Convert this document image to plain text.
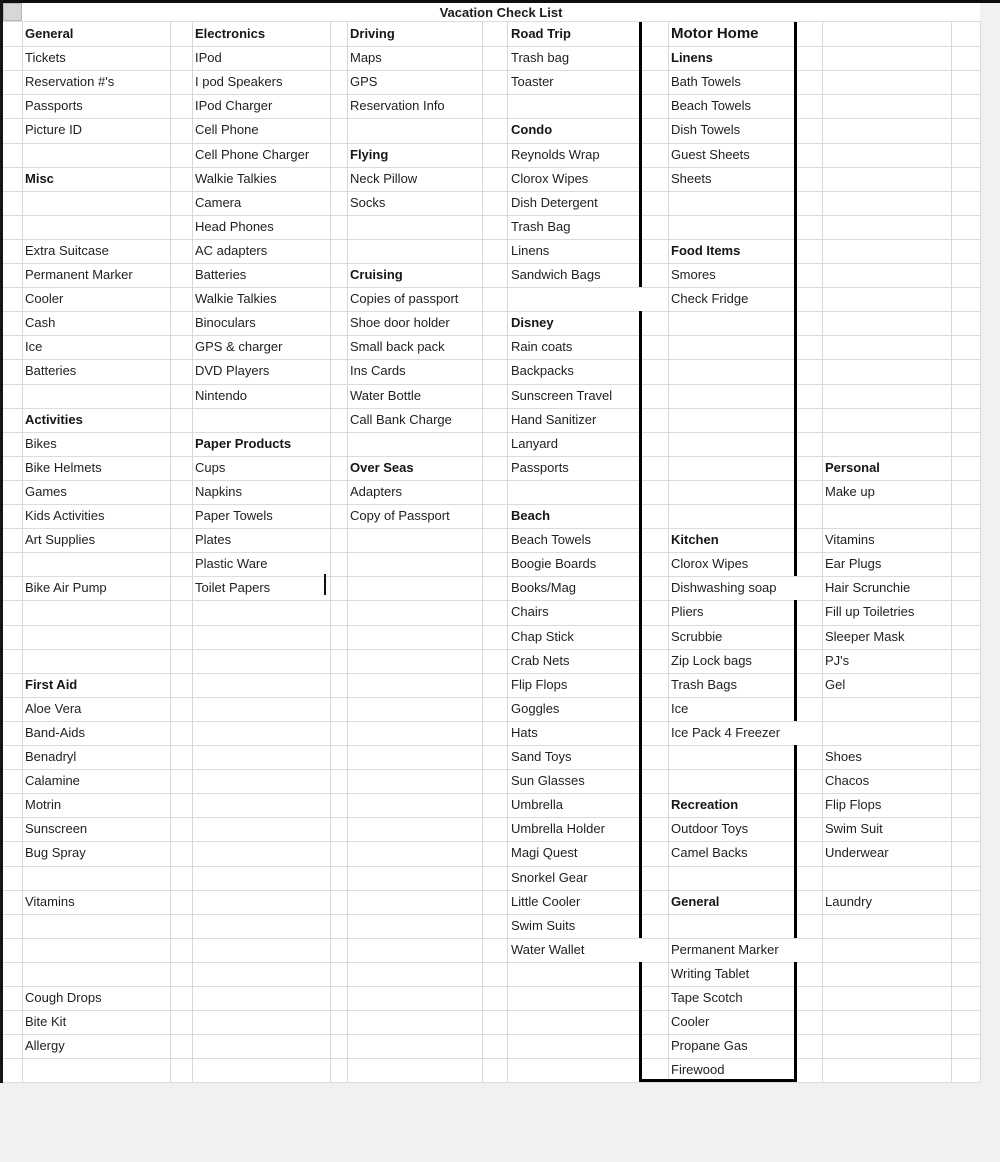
Vacation Check List
General
Tickets
Reservation #'s
Passports
Picture ID
Misc
Extra Suitcase
Permanent Marker
Cooler
Cash
Ice
Batteries
Activities
Bikes
Bike Helmets
Games
Kids Activities
Art Supplies
Bike Air Pump
First Aid
Aloe Vera
Band-Aids
Benadryl
Calamine
Motrin
Sunscreen
Bug Spray
Vitamins
Cough Drops
Bite Kit
Allergy
Electronics
IPod
I pod Speakers
IPod Charger
Cell Phone
Cell Phone Charger
Walkie Talkies
Camera
Head Phones
AC adapters
Batteries
Walkie Talkies
Binoculars
GPS & charger
DVD Players
Nintendo
Paper Products
Cups
Napkins
Paper Towels
Plates
Plastic Ware
Toilet Papers
Driving
Maps
GPS
Reservation Info
Flying
Neck Pillow
Socks
Cruising
Copies of passport
Shoe door holder
Small back pack
Ins Cards
Water Bottle
Call Bank Charge
Over Seas
Adapters
Copy of Passport
Road Trip
Trash bag
Toaster
Condo
Reynolds Wrap
Clorox Wipes
Dish Detergent
Trash Bag
Linens
Sandwich Bags
Disney
Rain coats
Backpacks
Sunscreen Travel
Hand Sanitizer
Lanyard
Passports
Beach
Beach Towels
Boogie Boards
Books/Mag
Chairs
Chap Stick
Crab Nets
Flip Flops
Goggles
Hats
Sand Toys
Sun Glasses
Umbrella
Umbrella Holder
Magi Quest
Snorkel Gear
Little Cooler
Swim Suits
Water Wallet
Motor Home
Linens
Bath Towels
Beach Towels
Dish Towels
Guest Sheets
Sheets
Food Items
Smores
Check Fridge
Kitchen
Clorox Wipes
Dishwashing soap
Pliers
Scrubbie
Zip Lock bags
Trash Bags
Ice
Ice Pack 4 Freezer
Recreation
Outdoor Toys
Camel Backs
General
Permanent Marker
Writing Tablet
Tape Scotch
Cooler
Propane Gas
Firewood
Personal
Make up
Vitamins
Ear Plugs
Hair Scrunchie
Fill up Toiletries
Sleeper Mask
PJ's
Gel
Shoes
Chacos
Flip Flops
Swim Suit
Underwear
Laundry
